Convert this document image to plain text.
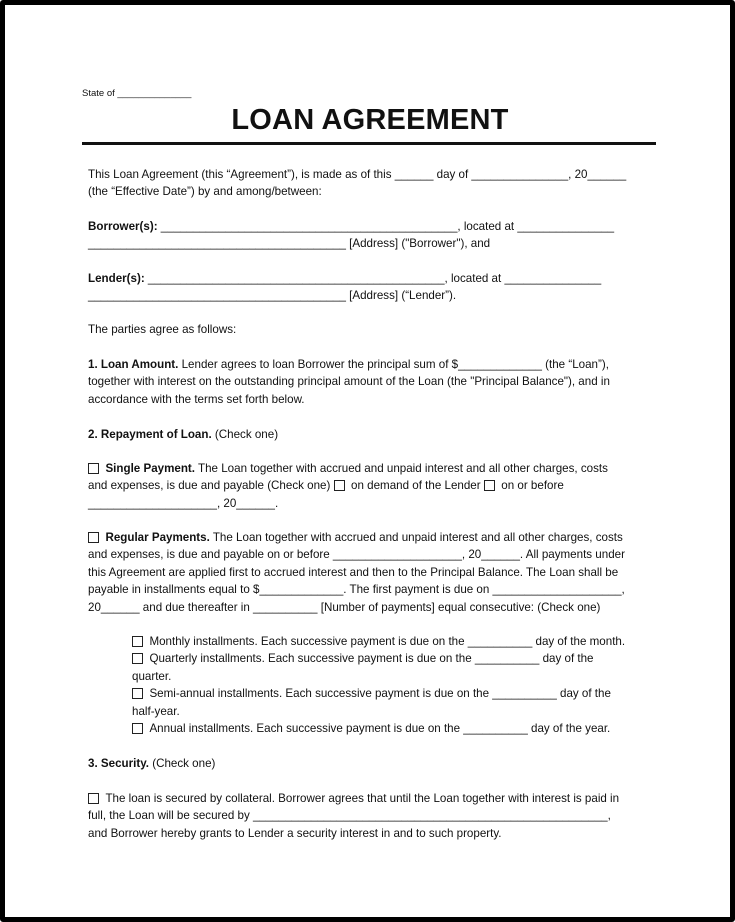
State of ______________
LOAN AGREEMENT
This Loan Agreement (this “Agreement”), is made as of this ______ day of _______________, 20______
(the “Effective Date”) by and among/between:
Borrower(s): ______________________________________________, located at _______________
________________________________________ [Address] ("Borrower"), and
Lender(s): ______________________________________________, located at _______________
________________________________________ [Address] (“Lender”).
The parties agree as follows:
1. Loan Amount. Lender agrees to loan Borrower the principal sum of $_____________ (the “Loan”),
together with interest on the outstanding principal amount of the Loan (the "Principal Balance"), and in
accordance with the terms set forth below.
2. Repayment of Loan. (Check one)
Single Payment. The Loan together with accrued and unpaid interest and all other charges, costs
and expenses, is due and payable (Check one)   on demand of the Lender   on or before
____________________, 20______.
Regular Payments. The Loan together with accrued and unpaid interest and all other charges, costs
and expenses, is due and payable on or before ____________________, 20______. All payments under
this Agreement are applied first to accrued interest and then to the Principal Balance. The Loan shall be
payable in installments equal to $_____________. The first payment is due on ____________________,
20______ and due thereafter in __________ [Number of payments] equal consecutive: (Check one)
Monthly installments. Each successive payment is due on the __________ day of the month.
Quarterly installments. Each successive payment is due on the __________ day of the
quarter.
Semi-annual installments. Each successive payment is due on the __________ day of the
half-year.
Annual installments. Each successive payment is due on the __________ day of the year.
3. Security. (Check one)
The loan is secured by collateral. Borrower agrees that until the Loan together with interest is paid in
full, the Loan will be secured by _______________________________________________________,
and Borrower hereby grants to Lender a security interest in and to such property.
